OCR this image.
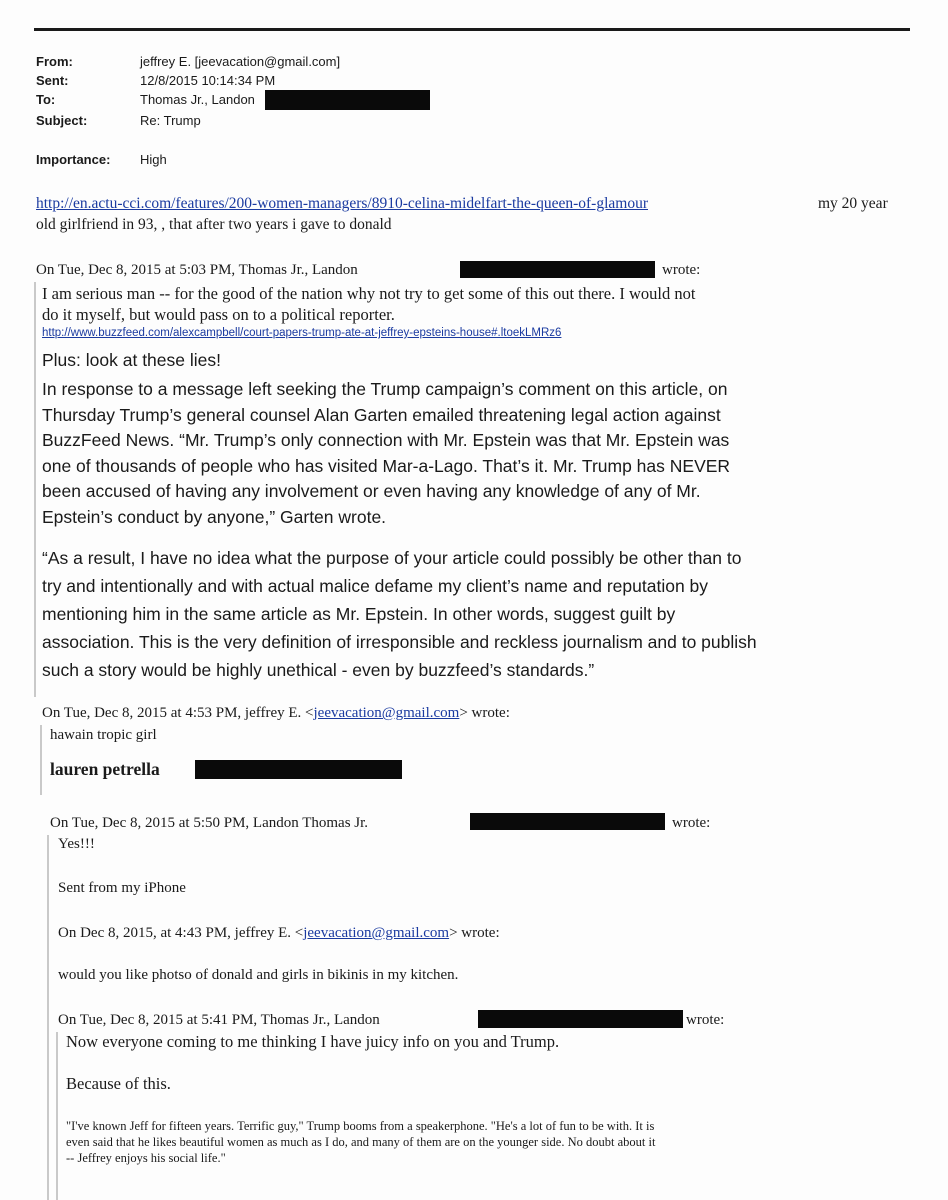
From:	jeffrey E. [jeevacation@gmail.com]
Sent:	12/8/2015 10:14:34 PM
To:	Thomas Jr., Landon
Subject:	Re: Trump
Importance: High
http://en.actu-cci.com/features/200-women-managers/8910-celina-midelfart-the-queen-of-glamour	my 20 year
old girlfriend in 93, , that after two years i gave to donald
On Tue, Dec 8, 2015 at 5:03 PM, Thomas Jr., Landon	wrote:
I am serious man -- for the good of the nation why not try to get some of this out there. I would not
do it myself, but would pass on to a political reporter.
http://www.buzzfeed.com/alexcampbell/court-papers-trump-ate-at-jeffrey-epsteins-house#.ltoekLMRz6
Plus: look at these lies!

In response to a message left seeking the Trump campaign’s comment on this article, on

Thursday Trump’s general counsel Alan Garten emailed threatening legal action against

BuzzFeed News. “Mr. Trump’s only connection with Mr. Epstein was that Mr. Epstein was

one of thousands of people who has visited Mar-a-Lago. That’s it. Mr. Trump has NEVER

been accused of having any involvement or even having any knowledge of any of Mr.

Epstein’s conduct by anyone,” Garten wrote.

“As a result, I have no idea what the purpose of your article could possibly be other than to

try and intentionally and with actual malice defame my client’s name and reputation by

mentioning him in the same article as Mr. Epstein. In other words, suggest guilt by

association. This is the very definition of irresponsible and reckless journalism and to publish

such a story would be highly unethical - even by buzzfeed’s standards.”

On Tue, Dec 8, 2015 at 4:53 PM, jeffrey E. <jeevacation@gmail.com> wrote:
hawain tropic girl
lauren petrella
On Tue, Dec 8, 2015 at 5:50 PM, Landon Thomas Jr.	wrote:
Yes!!!
Sent from my iPhone
On Dec 8, 2015, at 4:43 PM, jeffrey E. <jeevacation@gmail.com> wrote:
would you like photso of donald and girls in bikinis in my kitchen.
On Tue, Dec 8, 2015 at 5:41 PM, Thomas Jr., Landon	wrote:
Now everyone coming to me thinking I have juicy info on you and Trump.
Because of this.
"I've known Jeff for fifteen years. Terrific guy," Trump booms from a speakerphone. "He's a lot of fun to be with. It is
even said that he likes beautiful women as much as I do, and many of them are on the younger side. No doubt about it
-- Jeffrey enjoys his social life."
